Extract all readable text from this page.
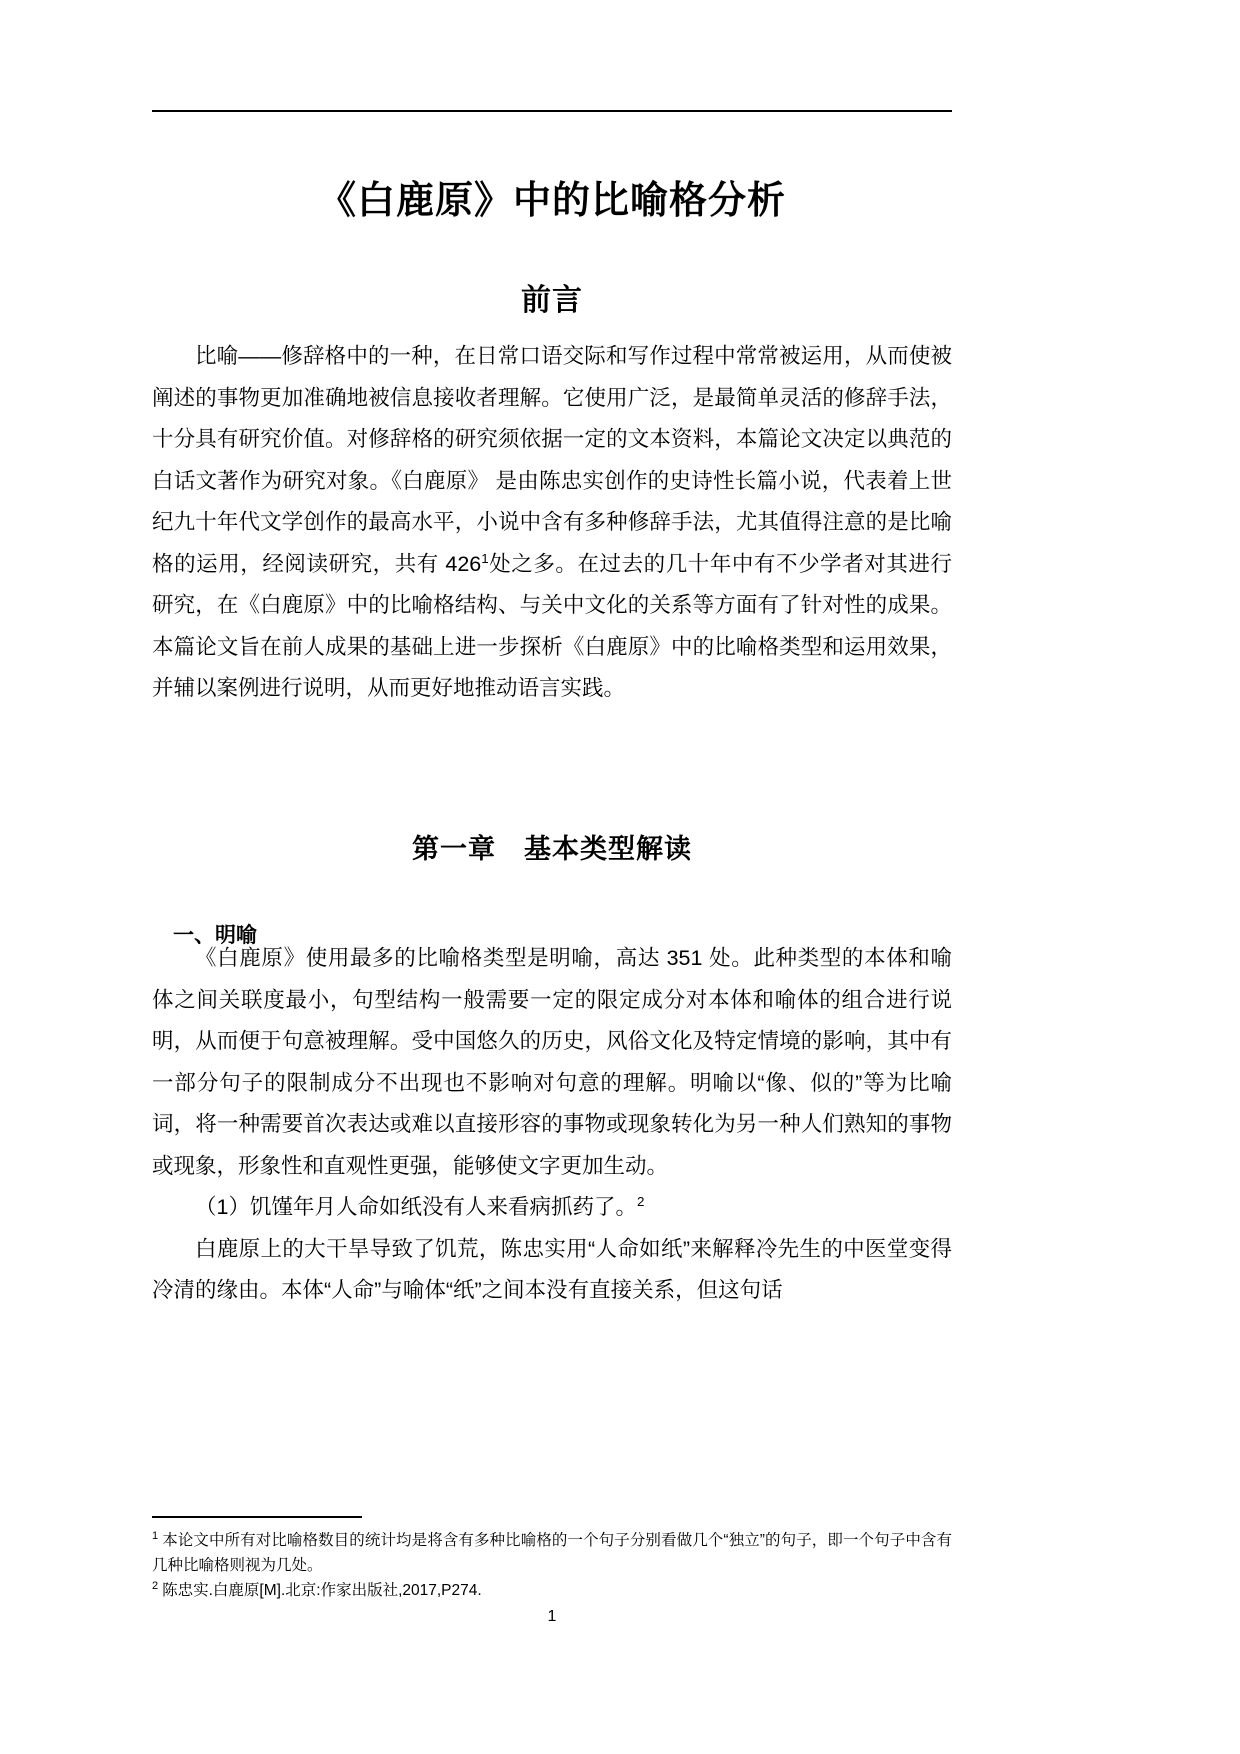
《白鹿原》中的比喻格分析
前言

比喻——修辞格中的一种，在日常口语交际和写作过程中常常被运用，从而使被阐述的事物更加准确地被信息接收者理解。它使用广泛，是最简单灵活的修辞手法，十分具有研究价值。对修辞格的研究须依据一定的文本资料，本篇论文决定以典范的白话文著作为研究对象。《白鹿原》 是由陈忠实创作的史诗性长篇小说，代表着上世纪九十年代文学创作的最高水平，小说中含有多种修辞手法，尤其值得注意的是比喻格的运用，经阅读研究，共有 $426^1$处之多。在过去的几十年中有不少学者对其进行研究，在《白鹿原》中的比喻格结构、与关中文化的关系等方面有了针对性的成果。本篇论文旨在前人成果的基础上进一步探析《白鹿原》中的比喻格类型和运用效果，并辅以案例进行说明，从而更好地推动语言实践。

第一章　基本类型解读
一、明喻

《白鹿原》使用最多的比喻格类型是明喻，高达 351 处。此种类型的本体和喻体之间关联度最小，句型结构一般需要一定的限定成分对本体和喻体的组合进行说明，从而便于句意被理解。受中国悠久的历史，风俗文化及特定情境的影响，其中有一部分句子的限制成分不出现也不影响对句意的理解。明喻以“像、似的”等为比喻词，将一种需要首次表达或难以直接形容的事物或现象转化为另一种人们熟知的事物或现象，形象性和直观性更强，能够使文字更加生动。

（1）饥馑年月人命如纸没有人来看病抓药了。$^2$

白鹿原上的大干旱导致了饥荒，陈忠实用“人命如纸”来解释冷先生的中医堂变得冷清的缘由。本体“人命”与喻体“纸”之间本没有直接关系，但这句话

$^1$ 本论文中所有对比喻格数目的统计均是将含有多种比喻格的一个句子分别看做几个“独立”的句子，即一个句子中含有几种比喻格则视为几处。

$^2$ 陈忠实.白鹿原[M].北京:作家出版社,2017,P274.

1
